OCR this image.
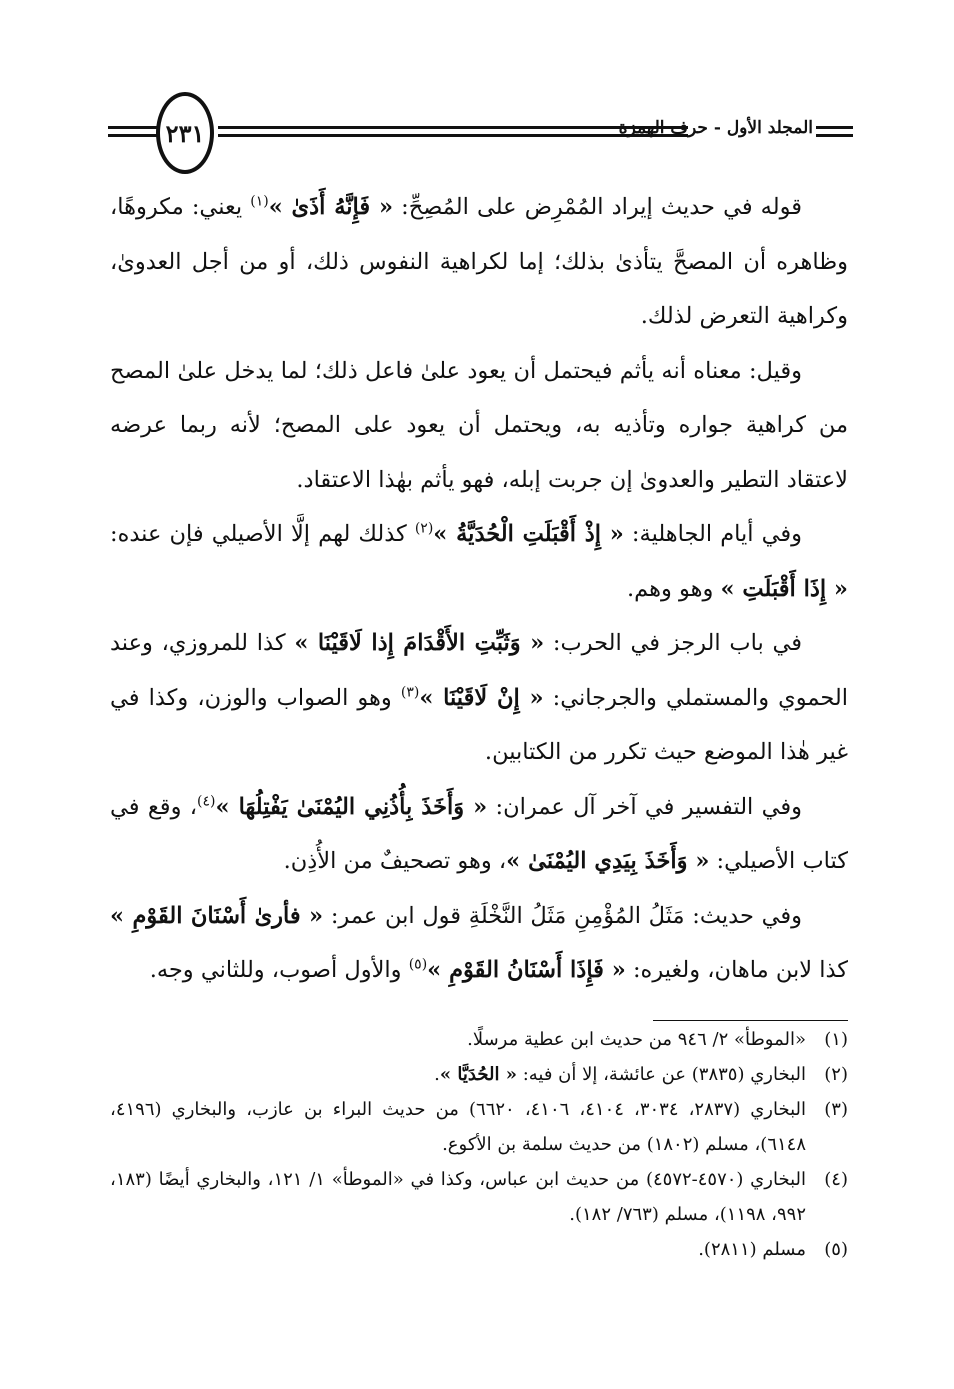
٢٣١	المجلد الأول - حرف الهمزة

قوله في حديث إيراد المُمْرِض على المُصِحِّ: « فَإِنَّهُ أَذَىٰ »$^{(١)}$ يعني: مكروهًا، وظاهره أن المصحَّ يتأذىٰ بذلك؛ إما لكراهية النفوس ذلك، أو من أجل العدوىٰ، وكراهية التعرض لذلك.

وقيل: معناه أنه يأثم فيحتمل أن يعود علىٰ فاعل ذلك؛ لما يدخل علىٰ المصح من كراهية جواره وتأذيه به، ويحتمل أن يعود على المصح؛ لأنه ربما عرضه لاعتقاد التطير والعدوىٰ إن جربت إبله، فهو يأثم بهٰذا الاعتقاد.

وفي أيام الجاهلية: « إِذْ أَقْبَلَتِ الْحُدَيَّةُ »$^{(٢)}$ كذلك لهم إلَّا الأصيلي فإن عنده: « إِذَا أَقْبَلَتِ » وهو وهم.

في باب الرجز في الحرب: « وَثَبِّتِ الأَقْدَامَ إِذا لَاقَيْنَا » كذا للمروزي، وعند الحموي والمستملي والجرجاني: « إِنْ لَاقَيْنَا »$^{(٣)}$ وهو الصواب والوزن، وكذا في غير هٰذا الموضع حيث تكرر من الكتابين.

وفي التفسير في آخر آل عمران: « وَأَخَذَ بِأُذُنِي اليُمْنَىٰ يَفْتِلُهَا »$^{(٤)}$، وقع في كتاب الأصيلي: « وَأَخَذَ بِيَدِي اليُمْنَىٰ »، وهو تصحيفٌ من الأُذِن.

وفي حديث: مَثَلُ المُؤْمِنِ مَثَلُ النَّخْلَةِ قول ابن عمر: « فأرىٰ أَسْنَانَ القَوْمِ » كذا لابن ماهان، ولغيره: « فَإِذَا أَسْنَانُ القَوْمِ »$^{(٥)}$ والأول أصوب، وللثاني وجه.

(١)
«الموطأ» ٢/ ٩٤٦ من حديث ابن عطية مرسلًا.
(٢)
البخاري (٣٨٣٥) عن عائشة، إلا أن فيه: « الحُدَيَّا ».
(٣)
البخاري (٢٨٣٧، ٣٠٣٤، ٤١٠٤، ٤١٠٦، ٦٦٢٠) من حديث البراء بن عازب، والبخاري (٤١٩٦، ٦١٤٨)، مسلم (١٨٠٢) من حديث سلمة بن الأكوع.
(٤)
البخاري (٤٥٧٠-٤٥٧٢) من حديث ابن عباس، وكذا في «الموطأ» ١/ ١٢١، والبخاري أيضًا (١٨٣، ٩٩٢، ١١٩٨)، مسلم (٧٦٣/ ١٨٢).
(٥)
مسلم (٢٨١١).
